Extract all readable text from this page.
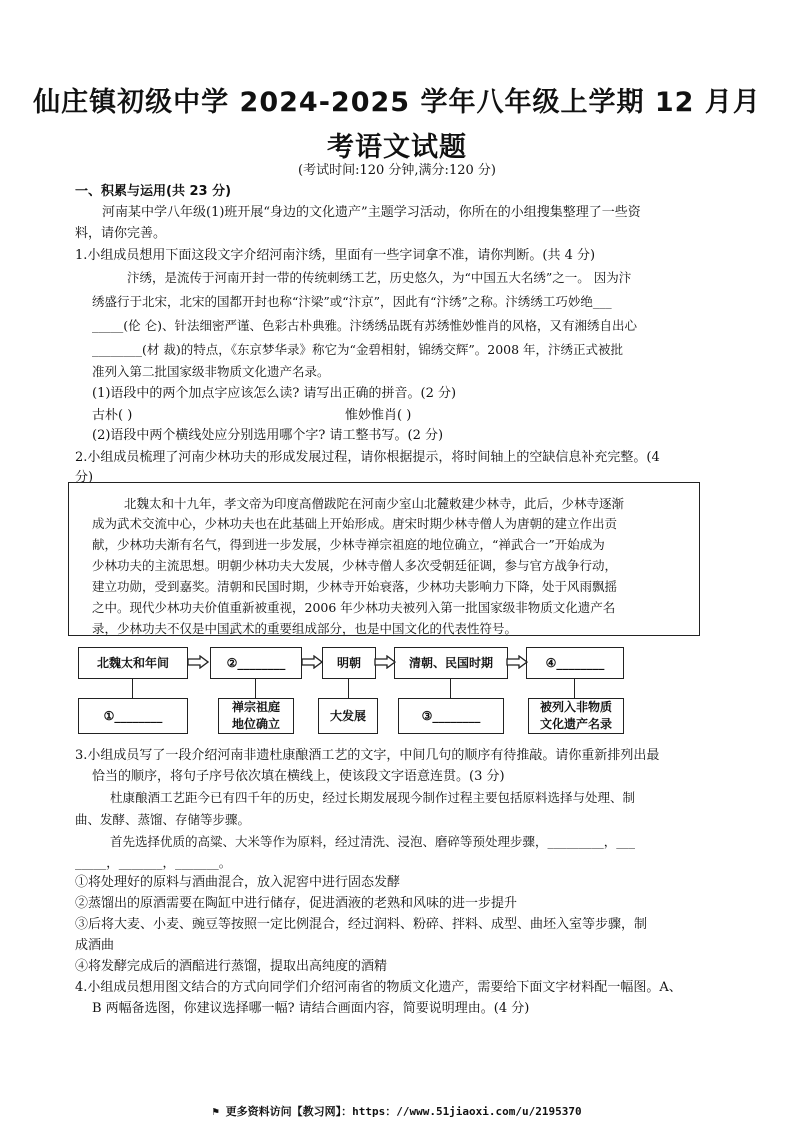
仙庄镇初级中学 2024-2025 学年八年级上学期 12 月月
考语文试题
(考试时间:120 分钟,满分:120 分)
一、积累与运用(共 23 分)
河南某中学八年级(1)班开展“身边的文化遗产”主题学习活动，你所在的小组搜集整理了一些资
料，请你完善。
1.小组成员想用下面这段文字介绍河南汴绣，里面有一些字词拿不准，请你判断。(共 4 分)
汴绣，是流传于河南开封一带的传统刺绣工艺，历史悠久，为“中国五大名绣”之一。 因为汴
绣盛行于北宋，北宋的国都开封也称“汴梁”或“汴京”，因此有“汴绣”之称。汴绣绣工巧妙绝___
_____(伦 仑)、针法细密严谨、色彩古朴典雅。汴绣绣品既有苏绣惟妙惟肖的风格，又有湘绣自出心
________(材 裁)的特点，《东京梦华录》称它为“金碧相射，锦绣交辉”。2008 年，汴绣正式被批
准列入第二批国家级非物质文化遗产名录。
(1)语段中的两个加点字应该怎么读? 请写出正确的拼音。(2 分)
古朴( )	惟妙惟肖( )
(2)语段中两个横线处应分别选用哪个字? 请工整书写。(2 分)
2.小组成员梳理了河南少林功夫的形成发展过程，请你根据提示，将时间轴上的空缺信息补充完整。(4
分)
北魏太和十九年，孝文帝为印度高僧跋陀在河南少室山北麓敕建少林寺，此后，少林寺逐渐
成为武术交流中心，少林功夫也在此基础上开始形成。唐宋时期少林寺僧人为唐朝的建立作出贡
献，少林功夫渐有名气，得到进一步发展，少林寺禅宗祖庭的地位确立，“禅武合一”开始成为
少林功夫的主流思想。明朝少林功夫大发展，少林寺僧人多次受朝廷征调，参与官方战争行动，
建立功勋，受到嘉奖。清朝和民国时期，少林寺开始衰落，少林功夫影响力下降，处于风雨飘摇
之中。现代少林功夫价值重新被重视，2006 年少林功夫被列入第一批国家级非物质文化遗产名
录，少林功夫不仅是中国武术的重要组成部分，也是中国文化的代表性符号。
北魏太和年间	②________	明朝	清朝、民国时期	④________
①________
禅宗祖庭
地位确立
大发展	③________
被列入非物质
文化遗产名录
3.小组成员写了一段介绍河南非遗杜康酿酒工艺的文字，中间几句的顺序有待推敲。请你重新排列出最
恰当的顺序，将句子序号依次填在横线上，使该段文字语意连贯。(3 分)
杜康酿酒工艺距今已有四千年的历史，经过长期发展现今制作过程主要包括原料选择与处理、制
曲、发酵、蒸馏、存储等步骤。
首先选择优质的高粱、大米等作为原料，经过清洗、浸泡、磨碎等预处理步骤，_________，___
_____，_______，_______。
①将处理好的原料与酒曲混合，放入泥窖中进行固态发酵
②蒸馏出的原酒需要在陶缸中进行储存，促进酒液的老熟和风味的进一步提升
③后将大麦、小麦、豌豆等按照一定比例混合，经过润料、粉碎、拌料、成型、曲坯入室等步骤，制
成酒曲
④将发酵完成后的酒醅进行蒸馏，提取出高纯度的酒精
4.小组成员想用图文结合的方式向同学们介绍河南省的物质文化遗产，需要给下面文字材料配一幅图。A、
B 两幅备选图，你建议选择哪一幅? 请结合画面内容，简要说明理由。(4 分)
⚑ 更多资料访问【教习网】：https：//www.51jiaoxi.com/u/2195370
